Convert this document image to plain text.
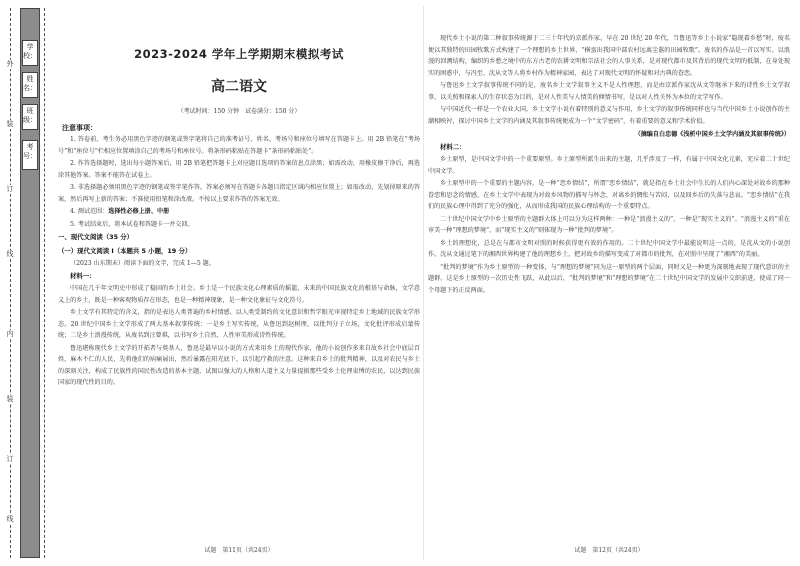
学校：
姓名：
班级：
考号：
外
装
订
线
内
装
订
线
2023-2024 学年上学期期末模拟考试
高二语文
（考试时间：150 分钟　试卷满分：150 分）
注意事项：
1. 答卷前，考生务必用黑色字迹的钢笔或签字笔将自己的准考证号、姓名、考场号和座位号填写在答题卡上。用 2B 铅笔在“考场号”和“座位号”栏相应位置填涂自己的考场号和座位号。将条形码粘贴在答题卡“条形码粘贴处”。
2. 作答选择题时，选出每小题答案后，用 2B 铅笔把答题卡上对应题目选项的答案信息点涂黑；如需改动，用橡皮擦干净后，再选涂其他答案。答案不能答在试卷上。
3. 非选择题必须用黑色字迹的钢笔或签字笔作答，答案必须写在答题卡各题目指定区域内相应位置上；如需改动，先划掉原来的答案，然后再写上新的答案；不准使用铅笔和涂改液。不按以上要求作答的答案无效。
4. 测试范围：选择性必修上册、中册
5. 考试结束后，将本试卷和答题卡一并交回。
一、现代文阅读（35 分）
（一）现代文阅读 I（本题共 5 小题，19 分）
（2023 山东期末）阅读下面的文字，完成 1—5 题。
材料一：
中国在几千年文明史中形成了稳固的乡土社会。乡土是一个民族文化心理素质的摇篮，未来的中国民族文化的根基与命脉，文学意义上的乡土，既是一种客观物质存在形态，也是一种精神现象，是一种文化象征与文化符号。
乡土文学有其特定的含义，指的是表达人类普遍的乡村情感、以人类受制约的文化意识和哲学眼光审视特定乡土地域的民族文学形态。20 世纪中国乡土文学形成了两大基本叙事传统：一是乡土写实传统，从鲁迅到赵树理，以批判分子立场，文化批评形成启蒙传统；二是乡土浪漫传统，从废名到汪曾祺，以书写乡土自然、人性审美形成诗性传统。
鲁迅堪称现代乡土文学的开拓者与奠基人，鲁迅是最早以小说的方式来用乡土的现代作家，他的小说创作多来自故乡社会中底层百姓，麻木不仁的人民，先将他们的病痛展出，然后暴露在阳光底下，以引起疗救的注意。这种来自乡土的批判精神，以及对农民与乡土的深刻关注，构成了民族性的国民性改造的基本主题，试图以强大的人格和人道主义力量提振那些受乡土伦理束缚的农民，以达到民族国家的现代性的目的。
试题　第11页（共24页）
现代乡土小说的第二种叙事传统源于二三十年代的京派作家。早在 20 世纪 20 年代，当鲁迅等乡土小说家“隐现着乡愁”时，废名便以其独特的田园牧歌方式构建了一个理想的乡土世界，“横蛮出我国中部农村远离尘嚣的田园牧歌”。废名的作品是一首以写实、以浪漫的回溯结构，编织的乡愁之境中的东方古老的农耕文明和宗法社会的人事关系，是对现代都市及其背后的现代文明的抵制，在身处现实的困惑中，与冯至、沈从文等人将乡村作为精神家园，表达了对现代文明的怀疑和对古典的眷恋。
与鲁迅乡土文学叙事传统不同的是，废名乡土文学叙事主义不是人性理想，而是由京派作家沈从文等继承下来的诗性乡土文学叙事，以关照和探索人的生存状态为目的，是对人性美与人情美的倾情书写，是以对人性关怀为本位的文学写作。
与中国近代一样是一个农业大国，乡土文学小说有着特别的意义与作用，乡土文学的叙事传统同样也与当代中国乡土小说创作的主潮相映衬，探讨中国乡土文学的内涵及其叙事传统便成为一个“文学密码”，有着重要的意义和学术价值。
（摘编自白忠德《浅析中国乡土文学内涵及其叙事传统》）
材料二：
乡土原型，是中国文学中的一个重要原型。乡土原型所派生出来的主题，几乎涉及了一样，有属于中国文化元素，充斥着二十世纪中国文学。
乡土原型中的一个重要的主题内容，是一种“恋乡情结”，所谓“恋乡情结”，就是指在乡土社会中生长的人们内心深处对故乡的那种眷恋和思念的情感，在乡土文学中表现为对故乡风物的描写与怀念，对离乡的惆怅与苦闷，以及回乡后的失落与悲哀。“恋乡情结”在我们的民族心理中得到了充分的强化，从而形成我国的民族心理结构的一个重要特点。
二十世纪中国文学中乡土原型的主题群大体上可以分为这样两种：一种是“浪漫主义的”，一种是“现实主义的”。“浪漫主义的”重在审美一种“理想的梦境”，而“现实主义的”则体现为一种“批判的梦境”。
乡土的理想化，总是在与都市文明对照的时候获得更有效的作用的。二十世纪中国文学中最能说明这一点的，是沈从文的小说创作。沈从文通过笔下的湘西世界构建了他的理想乡土，把对故乡的描写变成了对都市的批判，在对照中呈现了“湘西”的美丽。
“批判的梦境”作为乡土原型的一种变体，与“理想的梦境”同为这一原型的两个层面，同时又是一种更为深刻地表现了现代意识的主题群。这是乡土原型的一次历史性飞跃，从此以后，“批判的梦境”和“理想的梦境”在二十世纪中国文学的发展中交织前进，使成了同一个母题下的正反两面。
试题　第12页（共24页）
